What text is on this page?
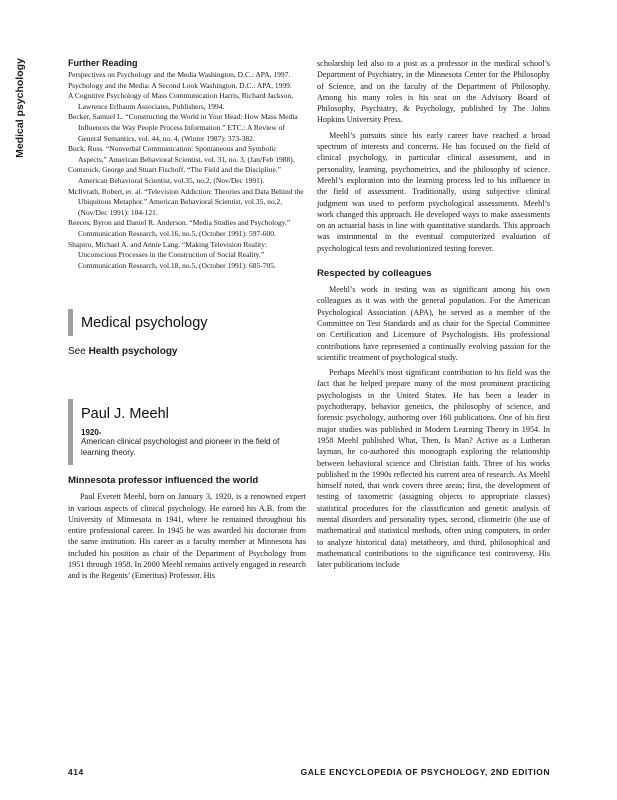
Medical psychology	Further Reading
Perspectives on Psychology and the Media Washington, D.C.: APA, 1997.
Psychology and the Media: A Second Look Washington, D.C.: APA, 1999.
A Cognitive Psychology of Mass Communication Harris, Richard Jackson, Lawrence Erlbaum Associates, Publishers, 1994.
Becker, Samuel L. “Constructing the World in Your Head: How Mass Media Influences the Way People Process Information.” ETC.: A Review of General Semantics, vol. 44, no. 4, (Winter 1987): 373-382.
Buck, Ross. “Nonverbal Communication: Spontaneous and Symbolic Aspects,” American Behavioral Scientist, vol. 31, no. 3, (Jan/Feb 1988).
Comstock, George and Stuart Fischoff. “The Field and the Discipline.” American Behavioral Scientist, vol.35, no.2, (Nov/Dec 1991).
McIlvrath, Robert, et. al. “Television Addiction: Theories and Data Behind the Ubiquitous Metaphor.” American Behavioral Scientist, vol.35, no.2, (Nov/Dec 1991): 104-121.
Reeces, Byron and Daniel R. Anderson. “Media Studies and Psychology.” Communication Research, vol.16, no.5, (October 1991): 597-600.
Shapiro, Michael A. and Annie Lang. “Making Television Reality: Unconscious Processes in the Construction of Social Reality.” Communication Research, vol.18, no.5, (October 1991): 685-705.
Medical psychology
See Health psychology
Paul J. Meehl
1920-
American clinical psychologist and pioneer in the field of learning theory.
Minnesota professor influenced the world
Paul Everett Meehl, born on January 3, 1920, is a renowned expert in various aspects of clinical psychology. He earned his A.B. from the University of Minnesota in 1941, where he remained throughout his entire professional career. In 1945 he was awarded his doctorate from the same institution. His career as a faculty member at Minnesota has included his position as chair of the Department of Psychology from 1951 through 1958. In 2000 Meehl remains actively engaged in research and is the Regents’ (Emeritus) Professor. His
scholarship led also to a post as a professor in the medical school’s Department of Psychiatry, in the Minnesota Center for the Philosophy of Science, and on the faculty of the Department of Philosophy. Among his many roles is his seat on the Advisory Board of Philosophy, Psychiatry, & Psychology, published by The Johns Hopkins University Press.
Meehl’s pursuits since his early career have reached a broad spectrum of interests and concerns. He has focused on the field of clinical psychology, in particular clinical assessment, and in personality, learning, psychometrics, and the philosophy of science. Meehl’s exploration into the learning process led to his influence in the field of assessment. Traditionally, using subjective clinical judgment was used to perform psychological assessments. Meehl’s work changed this approach. He developed ways to make assessments on an actuarial basis in line with quantitative standards. This approach was instrumental in the eventual computerized evaluation of psychological tests and revolutionized testing forever.
Respected by colleagues
Meehl’s work in testing was as significant among his own colleagues as it was with the general population. For the American Psychological Association (APA), he served as a member of the Committee on Test Standards and as chair for the Special Committee on Certification and Licensure of Psychologists. His professional contributions have represented a continually evolving passion for the scientific treatment of psychological study.
Perhaps Meehl’s most significant contribution to his field was the fact that he helped prepare many of the most prominent practicing psychologists in the United States. He has been a leader in psychotherapy, behavior genetics, the philosophy of science, and forensic psychology, authoring over 160 publications. One of his first major studies was published in Modern Learning Theory in 1954. In 1958 Meehl published What, Then, Is Man? Active as a Lutheran layman, he co-authored this monograph exploring the relationship between behavioral science and Christian faith. Three of his works published in the 1990s reflected his current area of research. As Meehl himself noted, that work covers three areas; first, the development of testing of taxometric (assigning objects to appropriate classes) statistical procedures for the classification and genetic analysis of mental disorders and personality types, second, cliometric (the use of mathematical and statistical methods, often using computers, in order to analyze historical data) metatheory, and third, philosophical and mathematical contributions to the significance test controversy. His later publications include
414	GALE ENCYCLOPEDIA OF PSYCHOLOGY, 2ND EDITION
